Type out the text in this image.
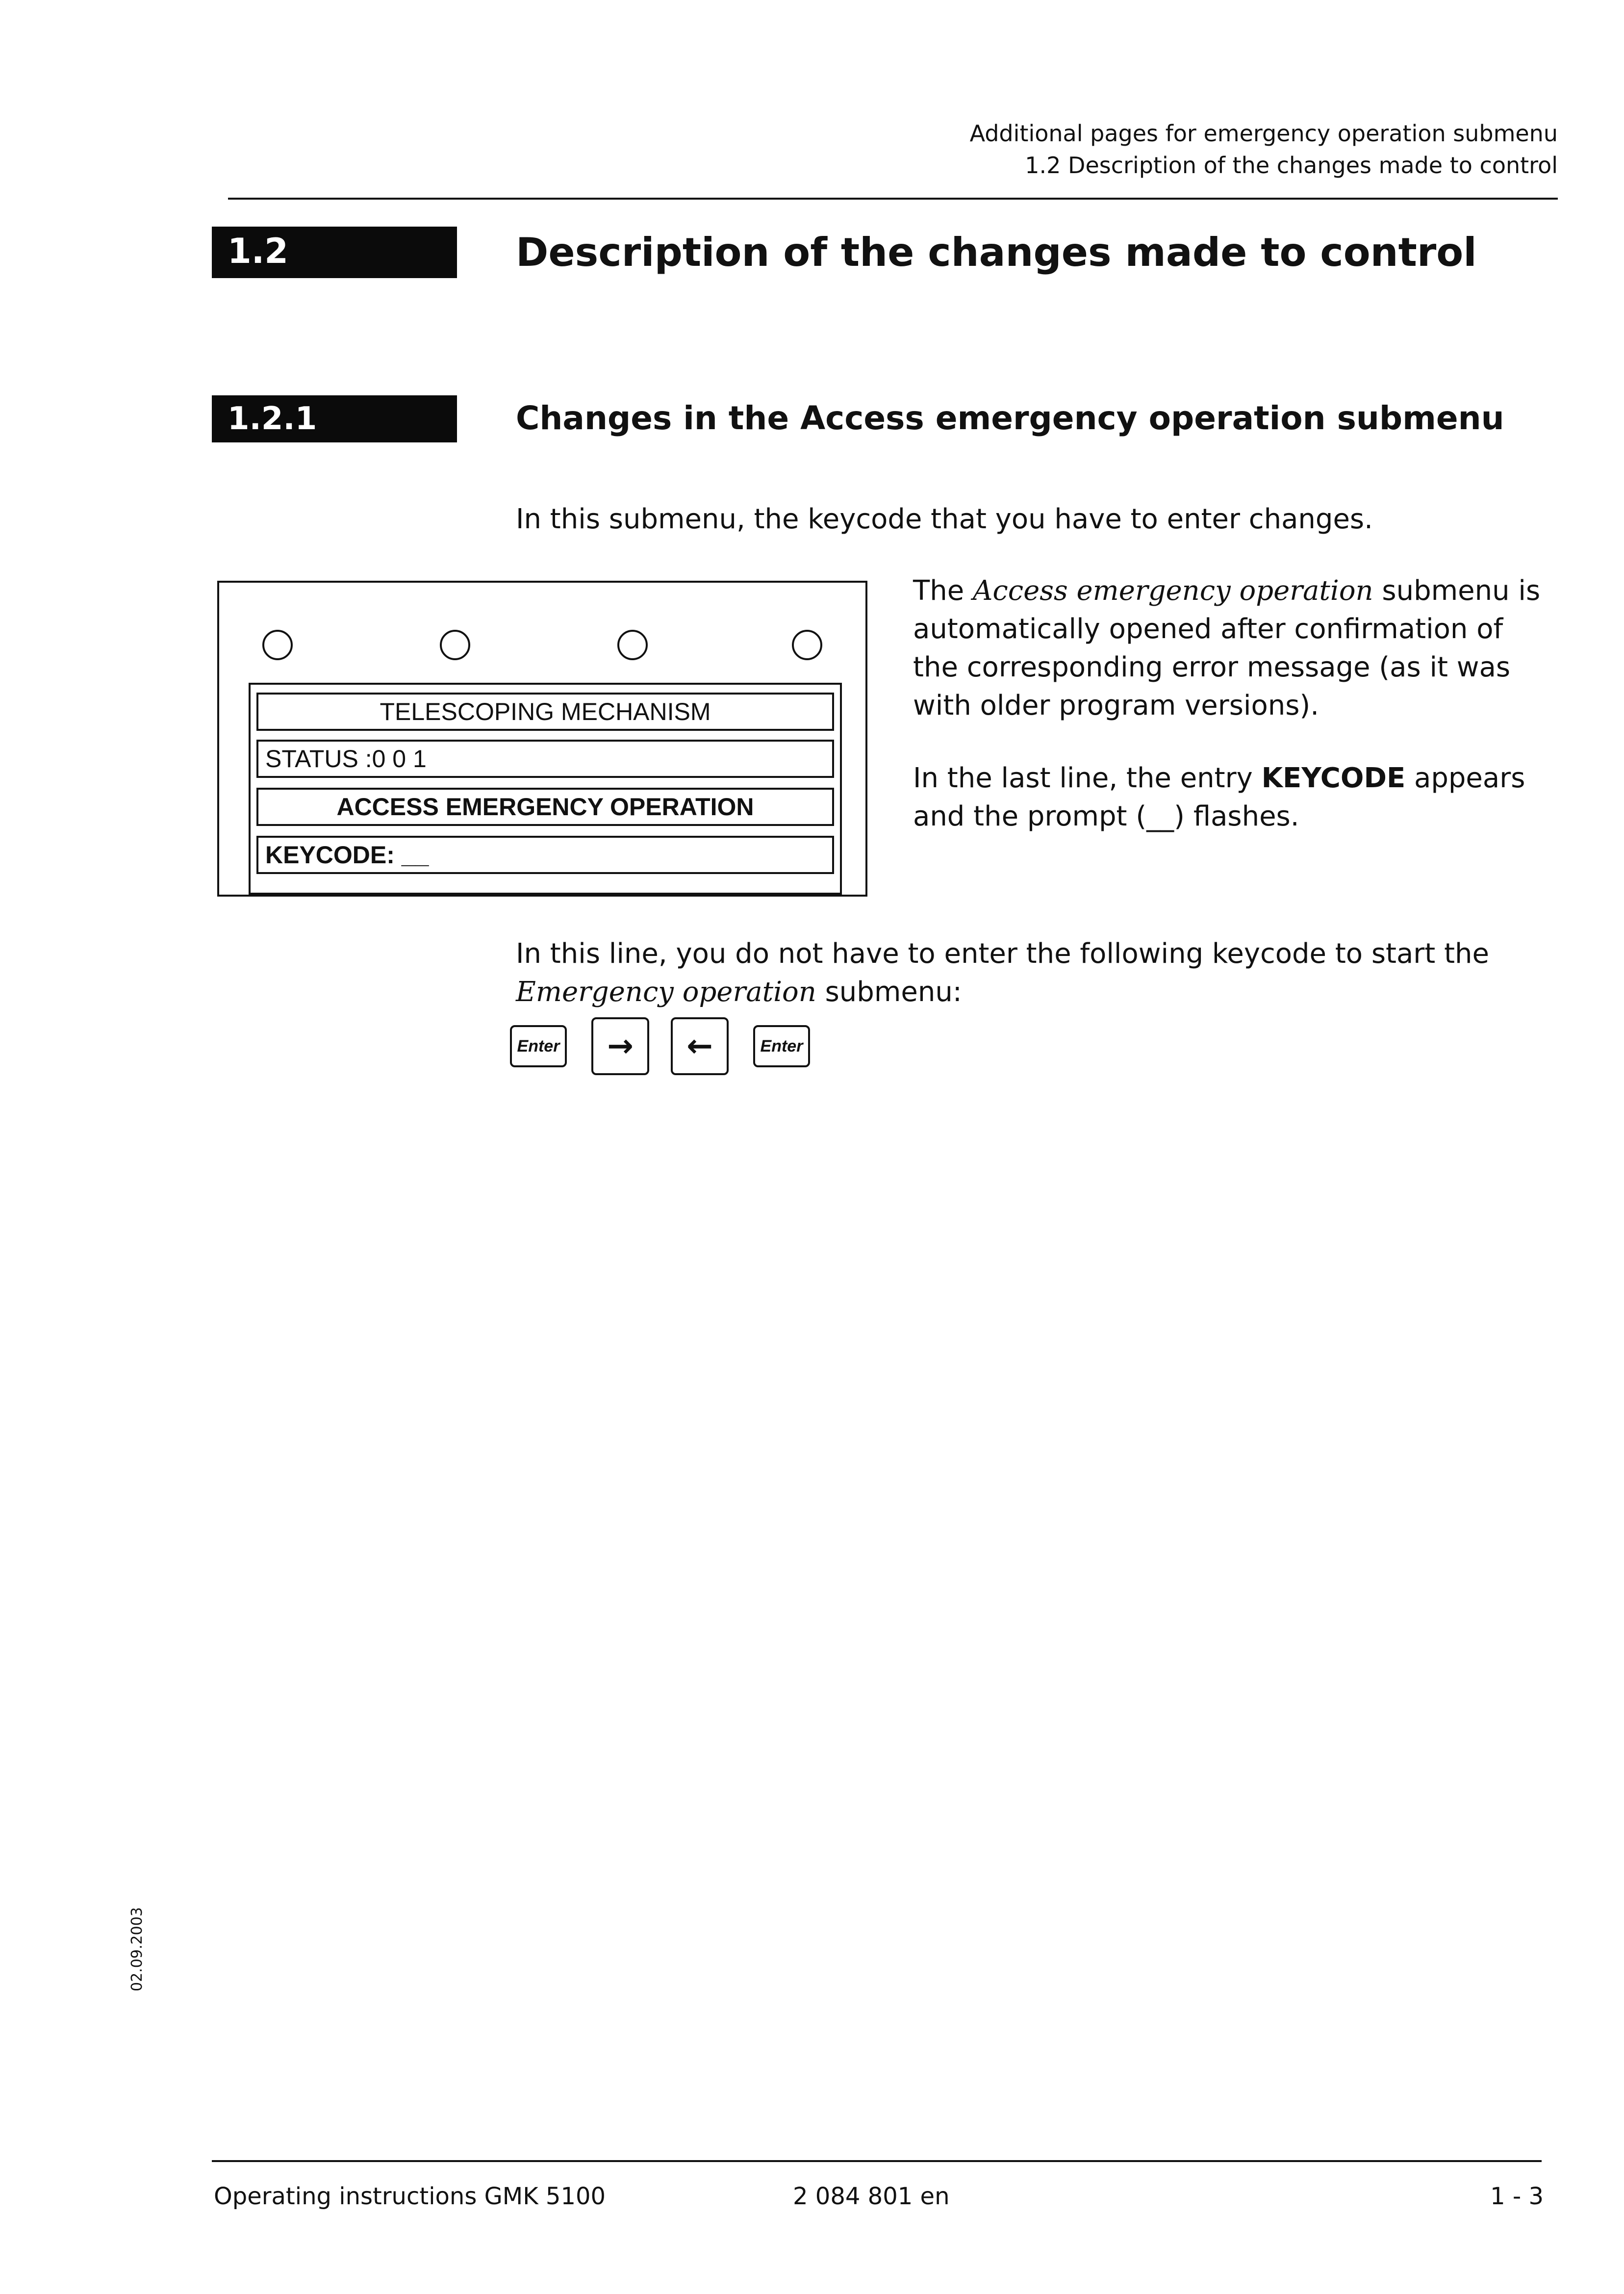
Additional pages for emergency operation submenu
1.2 Description of the changes made to control
1.2	Description of the changes made to control
1.2.1	Changes in the Access emergency operation submenu
In this submenu, the keycode that you have to enter changes.
TELESCOPING MECHANISM
STATUS :0 0 1
ACCESS EMERGENCY OPERATION
KEYCODE: __

The Access emergency operation submenu is automatically opened after confirmation of the corresponding error message (as it was with older program versions).

In the last line, the entry KEYCODE appears and the prompt (__) flashes.

In this line, you do not have to enter the following keycode to start the Emergency operation submenu:
Enter	→	←	Enter
02.09.2003
Operating instructions GMK 5100	2 084 801 en	1 - 3
